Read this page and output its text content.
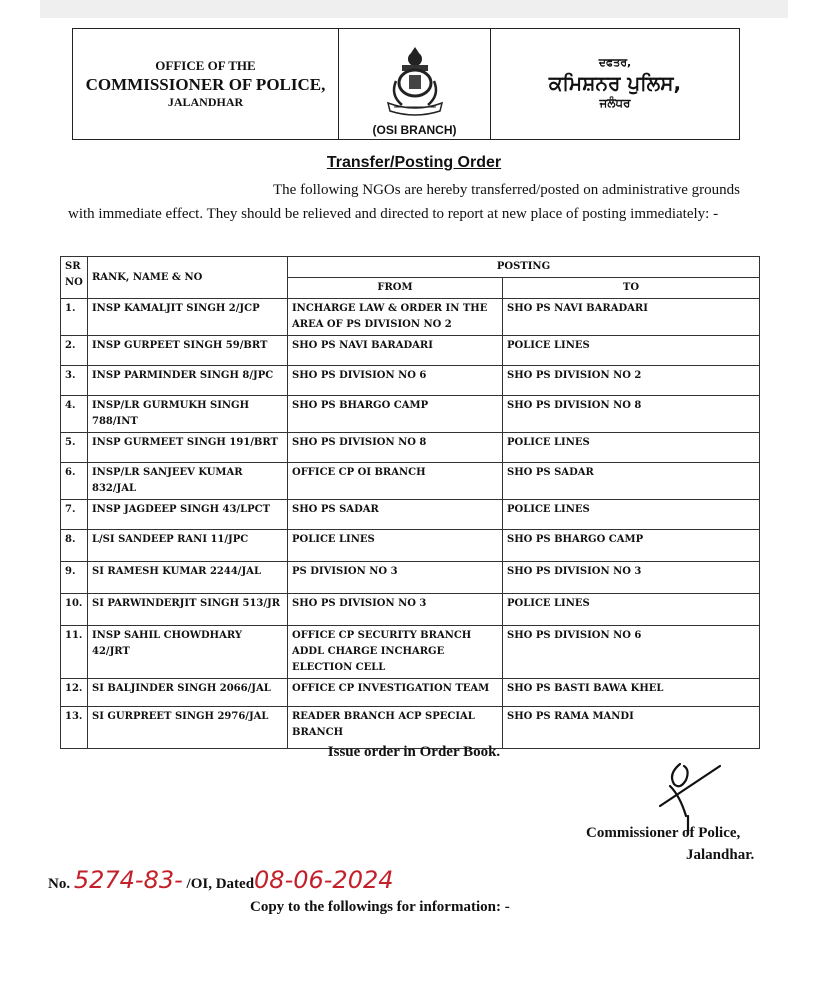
OFFICE OF THE
COMMISSIONER OF POLICE,
JALANDHAR
(OSI BRANCH)
ਦਫਤਰ,
ਕਮਿਸ਼ਨਰ ਪੁਲਿਸ,
ਜਲੰਧਰ
Transfer/Posting Order

The following NGOs are hereby transferred/posted on administrative grounds with immediate effect. They should be relieved and directed to report at new place of posting immediately: -

SR NO	RANK, NAME & NO	POSTING	
		FROM	TO
1.	INSP KAMALJIT SINGH 2/JCP	INCHARGE LAW & ORDER IN THE AREA OF PS DIVISION NO 2	SHO PS NAVI BARADARI
2.	INSP GURPEET SINGH 59/BRT	SHO PS NAVI BARADARI	POLICE LINES
3.	INSP PARMINDER SINGH 8/JPC	SHO PS DIVISION NO 6	SHO PS DIVISION NO 2
4.	INSP/LR GURMUKH SINGH 788/INT	SHO PS BHARGO CAMP	SHO PS DIVISION NO 8
5.	INSP GURMEET SINGH 191/BRT	SHO PS DIVISION NO 8	POLICE LINES
6.	INSP/LR SANJEEV KUMAR 832/JAL	OFFICE CP OI BRANCH	SHO PS SADAR
7.	INSP JAGDEEP SINGH 43/LPCT	SHO PS SADAR	POLICE LINES
8.	L/SI SANDEEP RANI 11/JPC	POLICE LINES	SHO PS BHARGO CAMP
9.	SI RAMESH KUMAR 2244/JAL	PS DIVISION NO 3	SHO PS DIVISION NO 3
10.	SI PARWINDERJIT SINGH 513/JR	SHO PS DIVISION NO 3	POLICE LINES
11.	INSP SAHIL CHOWDHARY 42/JRT	OFFICE CP SECURITY BRANCH ADDL CHARGE INCHARGE ELECTION CELL	SHO PS DIVISION NO 6
12.	SI BALJINDER SINGH 2066/JAL	OFFICE CP INVESTIGATION TEAM	SHO PS BASTI BAWA KHEL
13.	SI GURPREET SINGH 2976/JAL	READER BRANCH ACP SPECIAL BRANCH	SHO PS RAMA MANDI
Issue order in Order Book.
Commissioner of Police,
Jalandhar.
No. 5274-83- /OI, Dated08-06-2024
Copy to the followings for information: -
